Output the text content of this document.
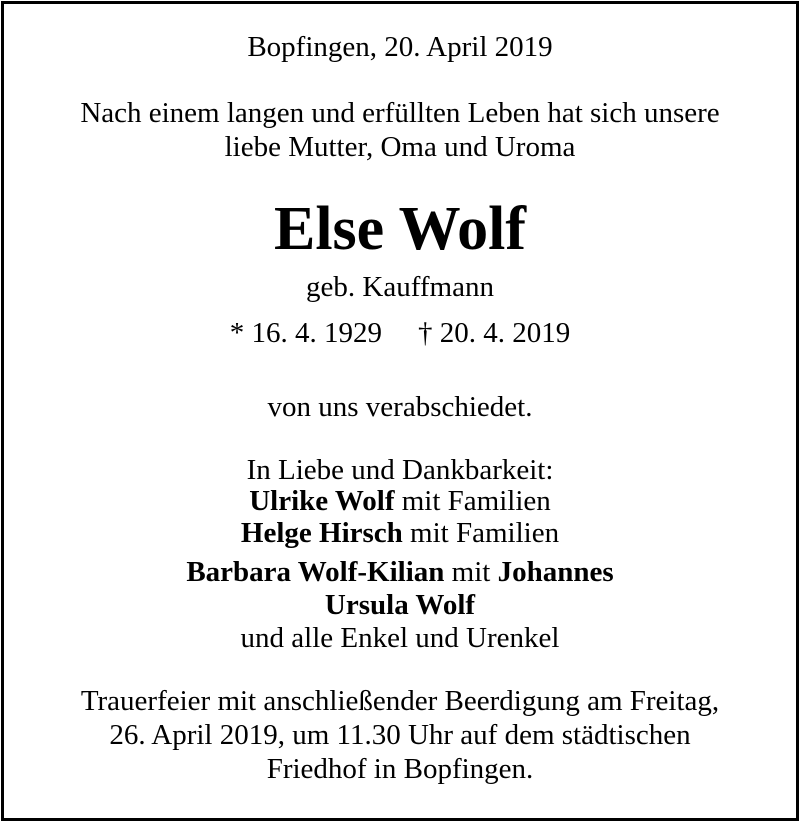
Bopfingen, 20. April 2019
Nach einem langen und erfüllten Leben hat sich unsere
liebe Mutter, Oma und Uroma
Else Wolf
geb. Kauffmann
* 16. 4. 1929 † 20. 4. 2019
von uns verabschiedet.
In Liebe und Dankbarkeit:
Ulrike Wolf mit Familien
Helge Hirsch mit Familien
Barbara Wolf-Kilian mit Johannes
Ursula Wolf
und alle Enkel und Urenkel
Trauerfeier mit anschließender Beerdigung am Freitag,
26. April 2019, um 11.30 Uhr auf dem städtischen
Friedhof in Bopfingen.
